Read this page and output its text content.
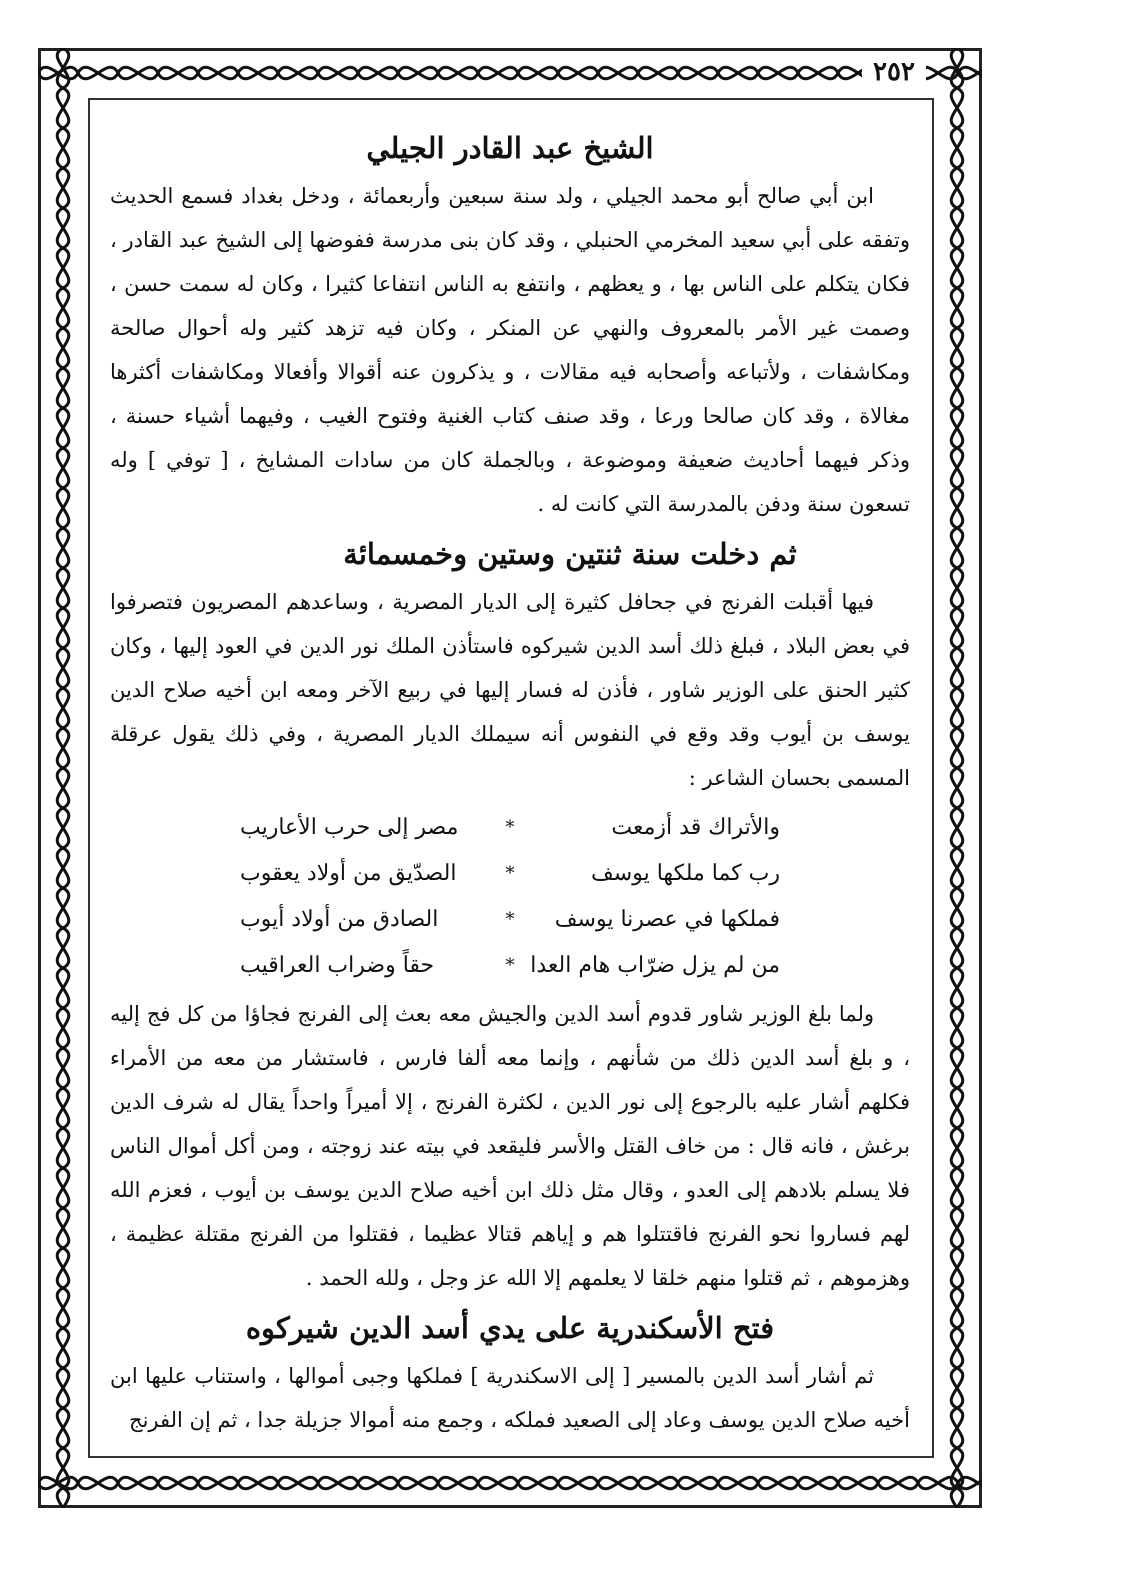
٢٥٢
الشيخ عبد القادر الجيلي

ابن أبي صالح أبو محمد الجيلي ، ولد سنة سبعين وأربعمائة ، ودخل بغداد فسمع الحديث وتفقه على أبي سعيد المخرمي الحنبلي ، وقد كان بنى مدرسة ففوضها إلى الشيخ عبد القادر ، فكان يتكلم على الناس بها ، و يعظهم ، وانتفع به الناس انتفاعا كثيرا ، وكان له سمت حسن ، وصمت غير الأمر بالمعروف والنهي عن المنكر ، وكان فيه تزهد كثير وله أحوال صالحة ومكاشفات ، ولأتباعه وأصحابه فيه مقالات ، و يذكرون عنه أقوالا وأفعالا ومكاشفات أكثرها مغالاة ، وقد كان صالحا ورعا ، وقد صنف كتاب الغنية وفتوح الغيب ، وفيهما أشياء حسنة ، وذكر فيهما أحاديث ضعيفة وموضوعة ، وبالجملة كان من سادات المشايخ ، [ توفي ] وله تسعون سنة ودفن بالمدرسة التي كانت له .

ثم دخلت سنة ثنتين وستين وخمسمائة

فيها أقبلت الفرنج في جحافل كثيرة إلى الديار المصرية ، وساعدهم المصريون فتصرفوا في بعض البلاد ، فبلغ ذلك أسد الدين شيركوه فاستأذن الملك نور الدين في العود إليها ، وكان كثير الحنق على الوزير شاور ، فأذن له فسار إليها في ربيع الآخر ومعه ابن أخيه صلاح الدين يوسف بن أيوب وقد وقع في النفوس أنه سيملك الديار المصرية ، وفي ذلك يقول عرقلة المسمى بحسان الشاعر :

والأتراك قد أزمعت
*
مصر إلى حرب الأعاريب
رب كما ملكها يوسف
*
الصدّيق من أولاد يعقوب
فملكها في عصرنا يوسف
*
الصادق من أولاد أيوب
من لم يزل ضرّاب هام العدا
*
حقاً وضراب العراقيب

ولما بلغ الوزير شاور قدوم أسد الدين والجيش معه بعث إلى الفرنج فجاؤا من كل فج إليه ، و بلغ أسد الدين ذلك من شأنهم ، وإنما معه ألفا فارس ، فاستشار من معه من الأمراء فكلهم أشار عليه بالرجوع إلى نور الدين ، لكثرة الفرنج ، إلا أميراً واحداً يقال له شرف الدين برغش ، فانه قال : من خاف القتل والأسر فليقعد في بيته عند زوجته ، ومن أكل أموال الناس فلا يسلم بلادهم إلى العدو ، وقال مثل ذلك ابن أخيه صلاح الدين يوسف بن أيوب ، فعزم الله لهم فساروا نحو الفرنج فاقتتلوا هم و إياهم قتالا عظيما ، فقتلوا من الفرنج مقتلة عظيمة ، وهزموهم ، ثم قتلوا منهم خلقا لا يعلمهم إلا الله عز وجل ، ولله الحمد .

فتح الأسكندرية على يدي أسد الدين شيركوه

ثم أشار أسد الدين بالمسير [ إلى الاسكندرية ] فملكها وجبى أموالها ، واستناب عليها ابن أخيه صلاح الدين يوسف وعاد إلى الصعيد فملكه ، وجمع منه أموالا جزيلة جدا ، ثم إن الفرنج
